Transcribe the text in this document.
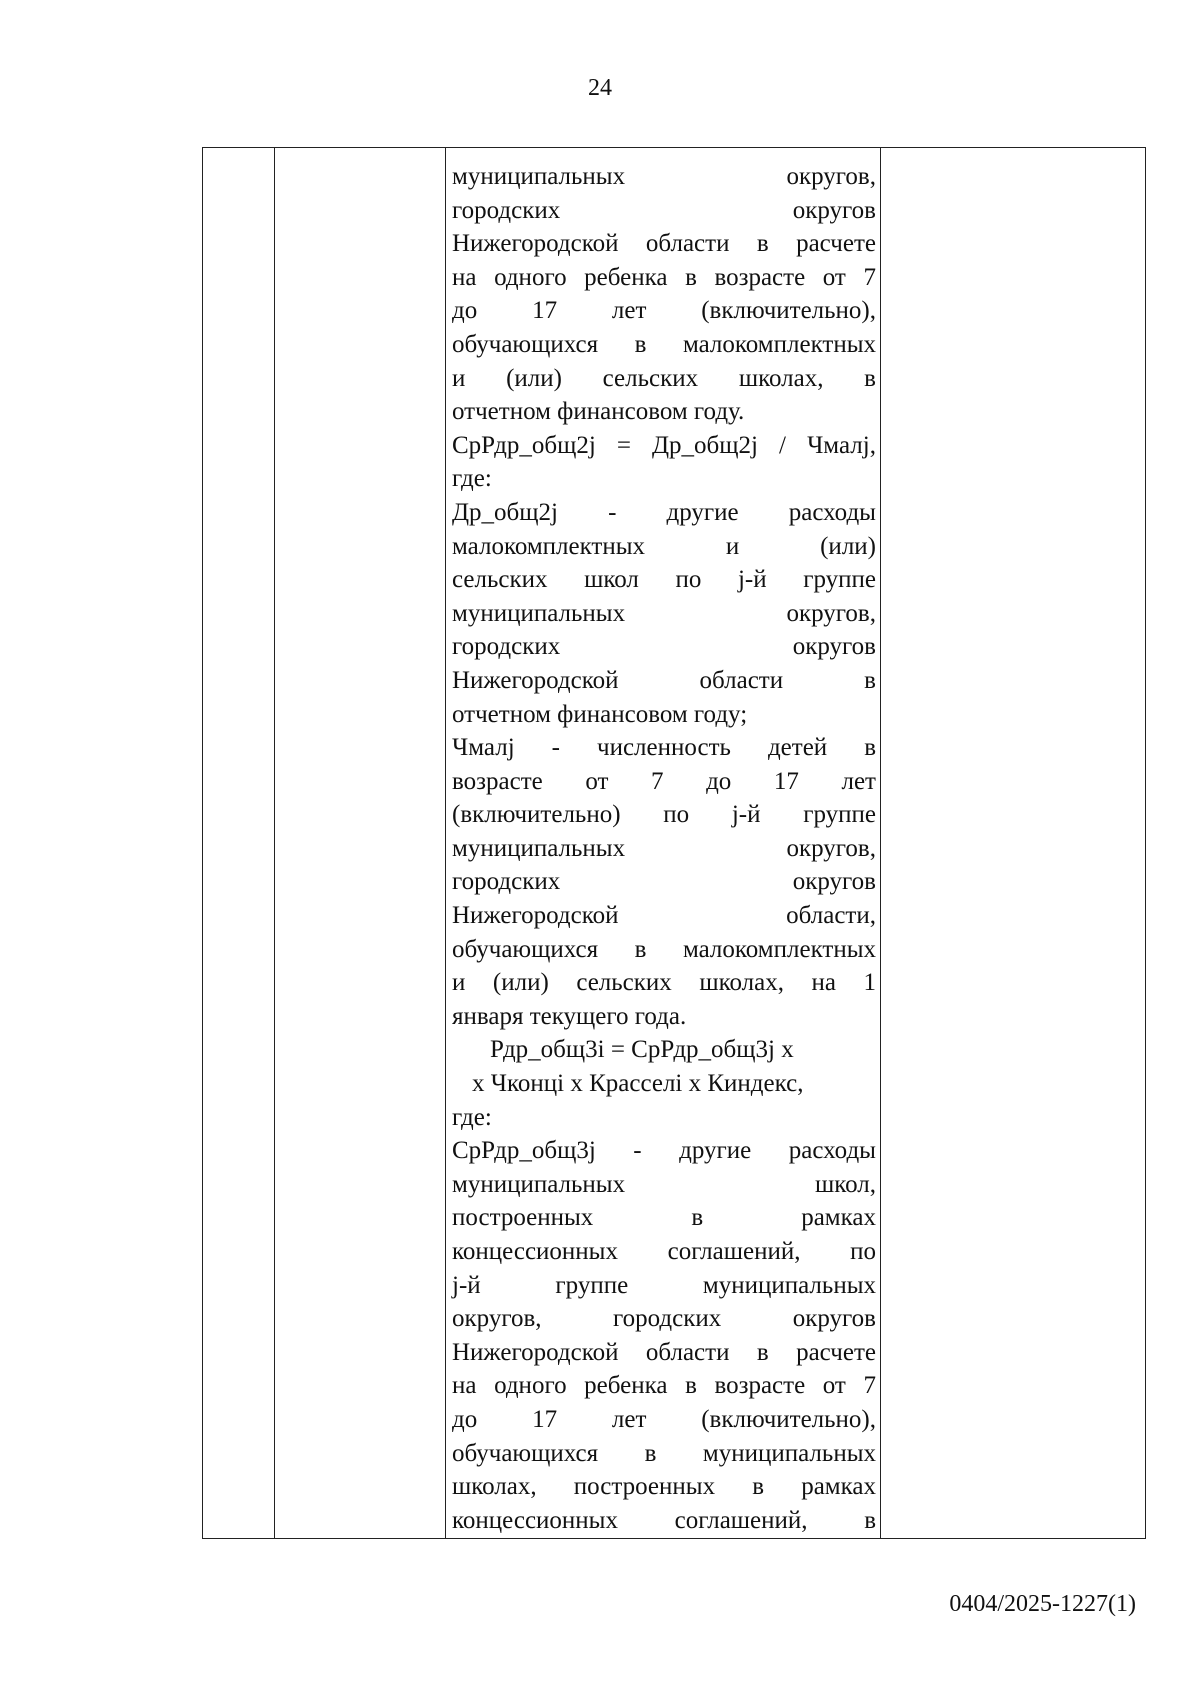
24
муниципальных	округов,
городских	округов
Нижегородской области в расчете
на одного ребенка в возрасте от 7
до 17 лет (включительно),
обучающихся в малокомплектных
и (или) сельских школах, в
отчетном финансовом году.
СрРдр_общ2j = Др_общ2j / Чмалj,
где:
Др_общ2j - другие расходы
малокомплектных	и	(или)
сельских школ по j-й группе
муниципальных	округов,
городских	округов
Нижегородской	области	в
отчетном финансовом году;
Чмалj - численность детей в
возрасте от 7 до 17 лет
(включительно) по j-й группе
муниципальных	округов,
городских	округов
Нижегородской	области,
обучающихся в малокомплектных
и (или) сельских школах, на 1
января текущего года.
Рдр_общ3i = СрРдр_общ3j x
x Чконцi x Красселi x Киндекс,
где:
СрРдр_общ3j - другие расходы
муниципальных	школ,
построенных	в	рамках
концессионных соглашений, по
j-й	группе	муниципальных
округов,	городских	округов
Нижегородской области в расчете
на одного ребенка в возрасте от 7
до 17 лет (включительно),
обучающихся в муниципальных
школах, построенных в рамках
концессионных соглашений, в
0404/2025-1227(1)
